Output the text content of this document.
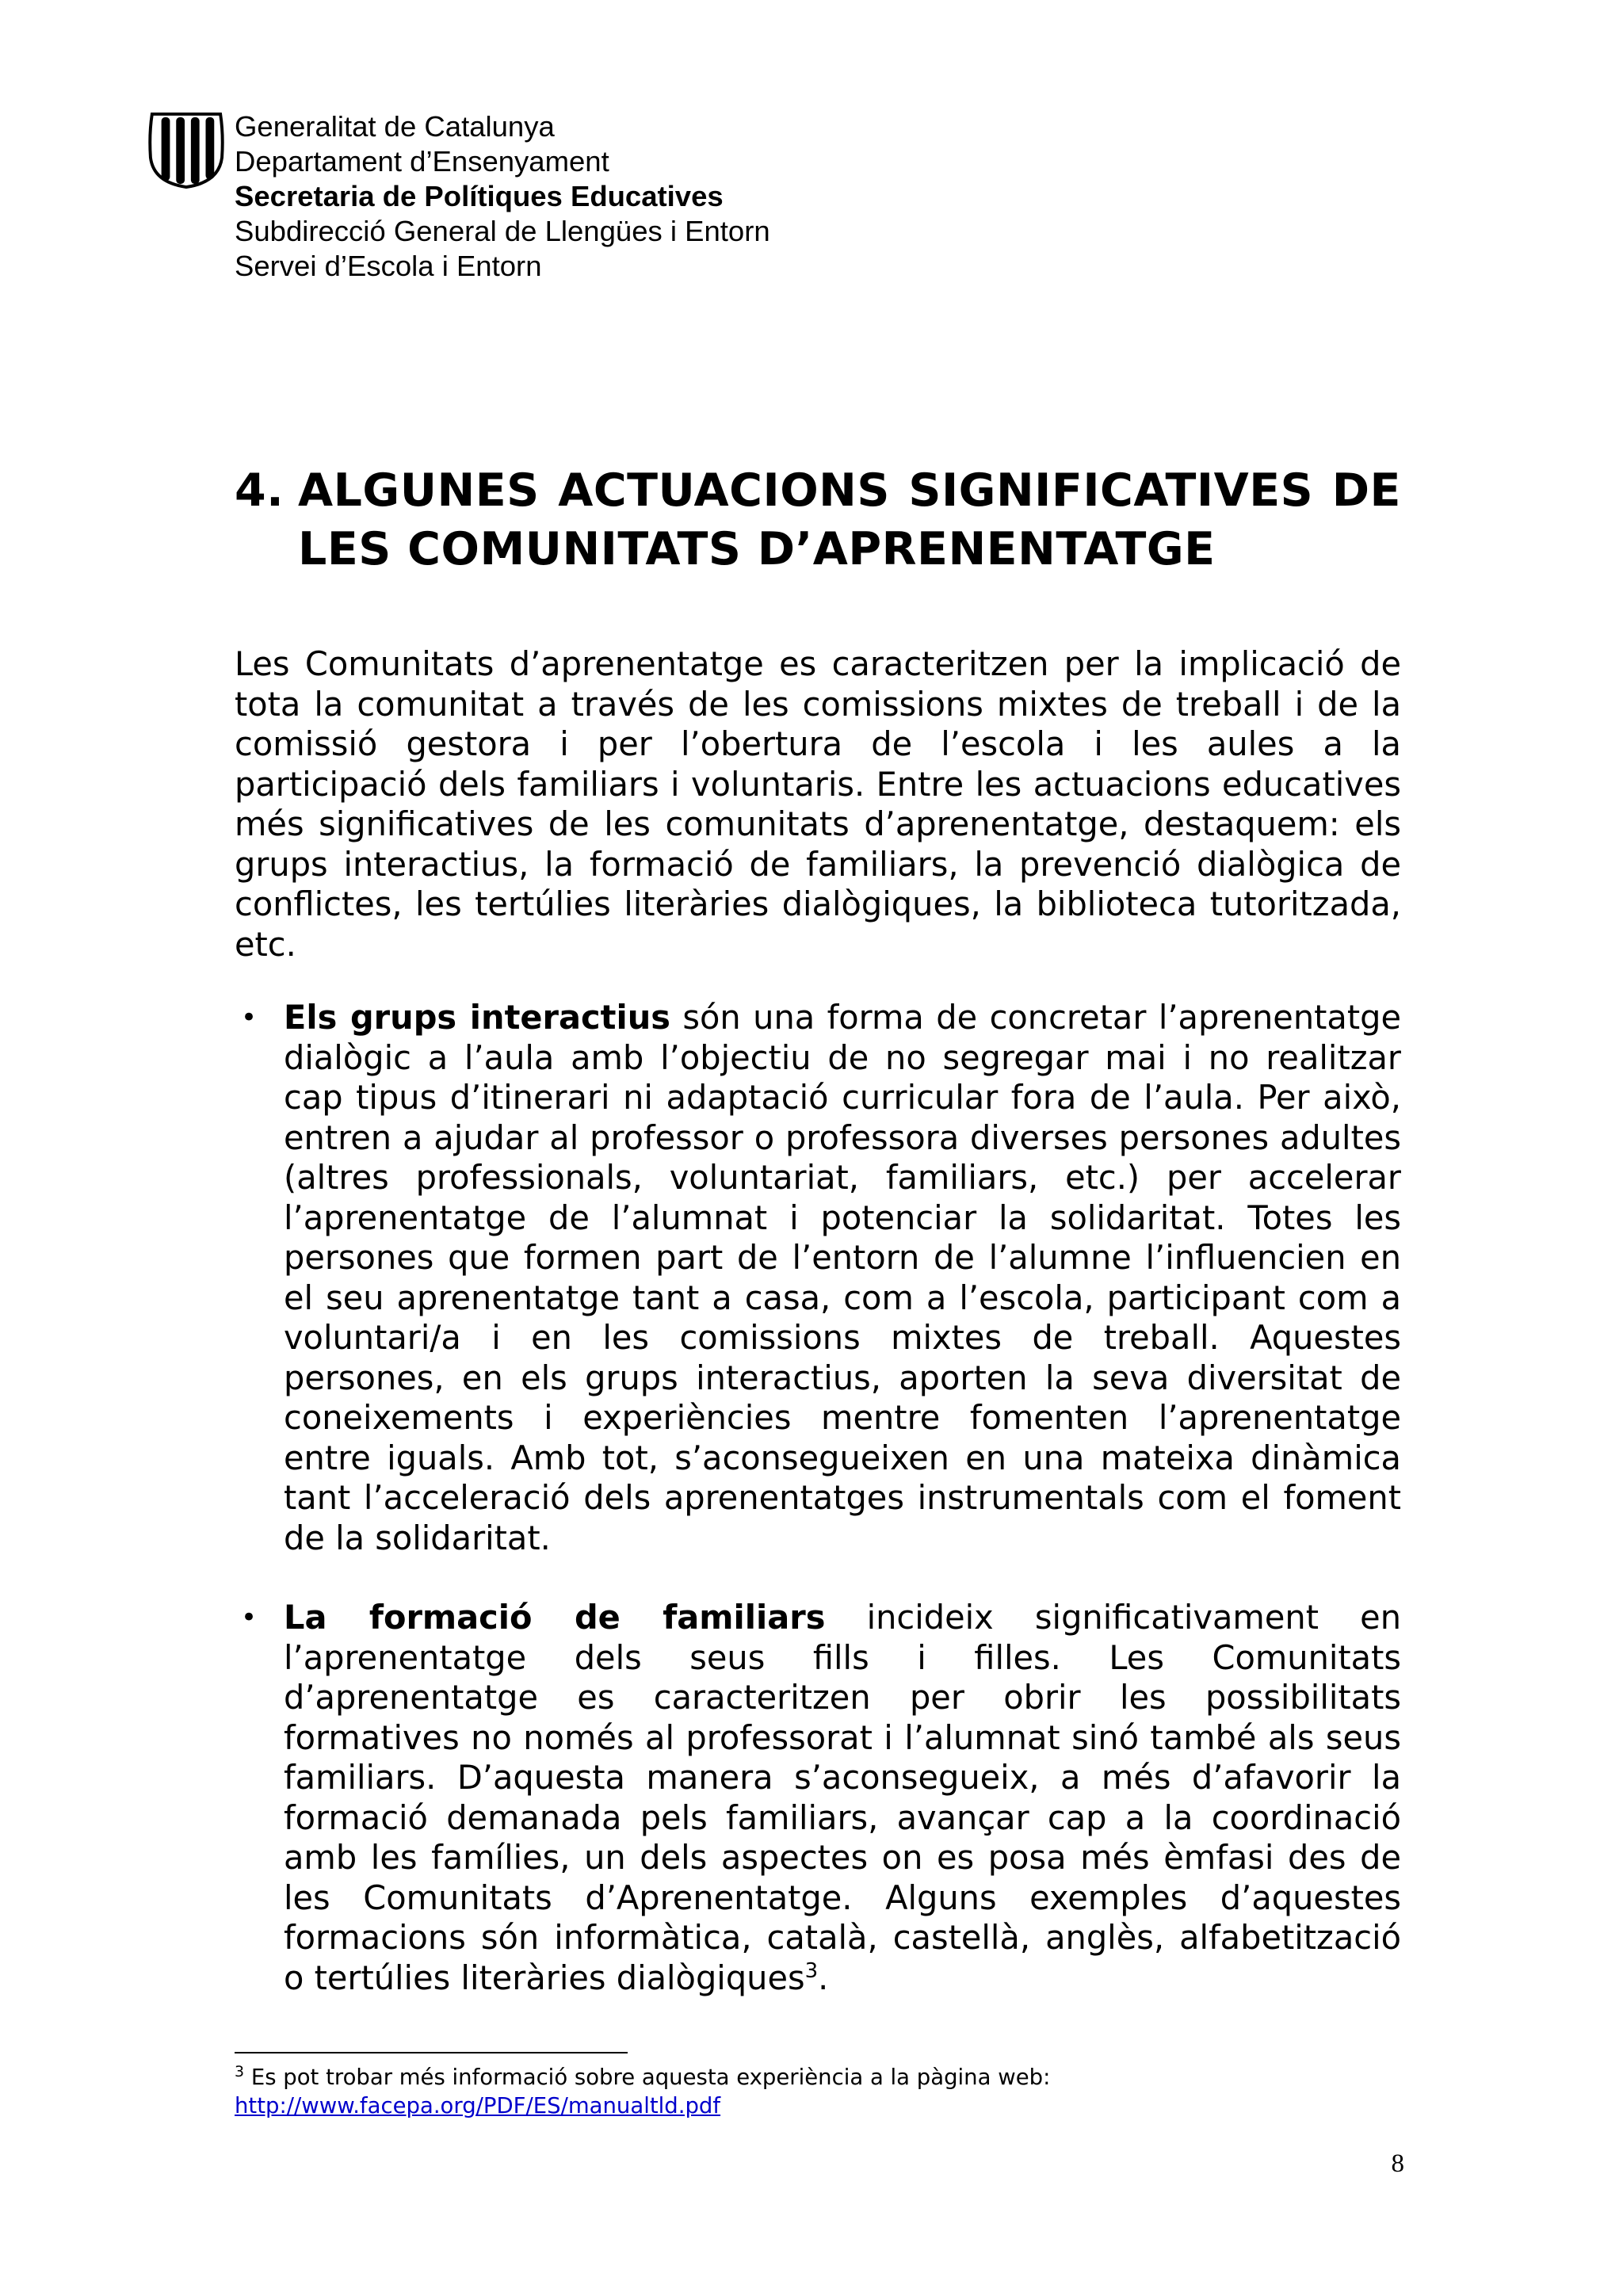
Generalitat de Catalunya
Departament d’Ensenyament
Secretaria de Polítiques Educatives
Subdirecció General de Llengües i Entorn
Servei d’Escola i Entorn
4. ALGUNES ACTUACIONS SIGNIFICATIVES DE LES COMUNITATS D’APRENENTATGE

Les Comunitats d’aprenentatge es caracteritzen per la implicació de tota la comunitat a través de les comissions mixtes de treball i de la comissió gestora i per l’obertura de l’escola i les aules a la participació dels familiars i voluntaris. Entre les actuacions educatives més significatives de les comunitats d’aprenentatge, destaquem: els grups interactius, la formació de familiars, la prevenció dialògica de conflictes, les tertúlies literàries dialògiques, la biblioteca tutoritzada, etc.

• Els grups interactius són una forma de concretar l’aprenentatge dialògic a l’aula amb l’objectiu de no segregar mai i no realitzar cap tipus d’itinerari ni adaptació curricular fora de l’aula. Per això, entren a ajudar al professor o professora diverses persones adultes (altres professionals, voluntariat, familiars, etc.) per accelerar l’aprenentatge de l’alumnat i potenciar la solidaritat. Totes les persones que formen part de l’entorn de l’alumne l’influencien en el seu aprenentatge tant a casa, com a l’escola, participant com a voluntari/a i en les comissions mixtes de treball. Aquestes persones, en els grups interactius, aporten la seva diversitat de coneixements i experiències mentre fomenten l’aprenentatge entre iguals. Amb tot, s’aconsegueixen en una mateixa dinàmica tant l’acceleració dels aprenentatges instrumentals com el foment de la solidaritat.
• La formació de familiars incideix significativament en l’aprenentatge dels seus fills i filles. Les Comunitats d’aprenentatge es caracteritzen per obrir les possibilitats formatives no només al professorat i l’alumnat sinó també als seus familiars. D’aquesta manera s’aconsegueix, a més d’afavorir la formació demanada pels familiars, avançar cap a la coordinació amb les famílies, un dels aspectes on es posa més èmfasi des de les Comunitats d’Aprenentatge. Alguns exemples d’aquestes formacions són informàtica, català, castellà, anglès, alfabetització o tertúlies literàries dialògiques$^3$.
$^3$ Es pot trobar més informació sobre aquesta experiència a la pàgina web:
http://www.facepa.org/PDF/ES/manualtld.pdf
8
